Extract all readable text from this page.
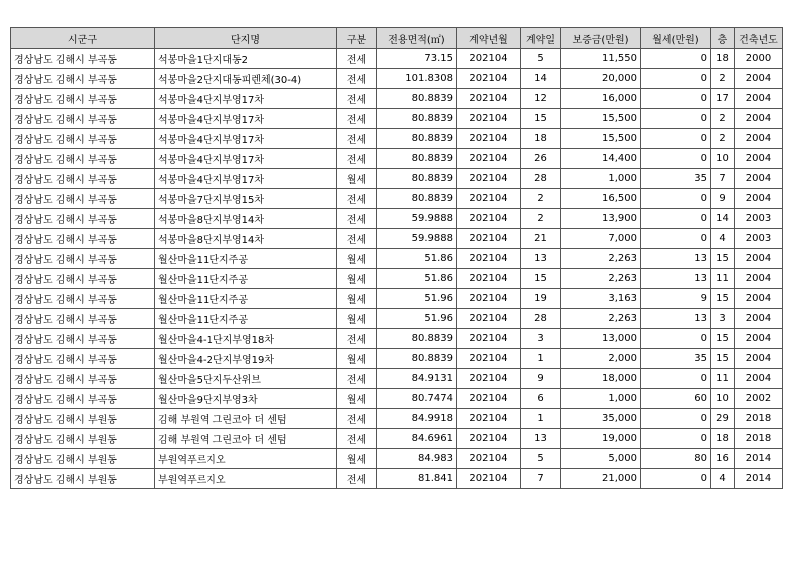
시군구	단지명	구분	전용면적(㎡)	계약년월	계약일	보증금(만원)	월세(만원)	층	건축년도
경상남도 김해시 부곡동	석봉마을1단지대동2	전세	73.15	202104	5	11,550	0	18	2000
경상남도 김해시 부곡동	석봉마을2단지대동피렌체(30-4)	전세	101.8308	202104	14	20,000	0	2	2004
경상남도 김해시 부곡동	석봉마을4단지부영17차	전세	80.8839	202104	12	16,000	0	17	2004
경상남도 김해시 부곡동	석봉마을4단지부영17차	전세	80.8839	202104	15	15,500	0	2	2004
경상남도 김해시 부곡동	석봉마을4단지부영17차	전세	80.8839	202104	18	15,500	0	2	2004
경상남도 김해시 부곡동	석봉마을4단지부영17차	전세	80.8839	202104	26	14,400	0	10	2004
경상남도 김해시 부곡동	석봉마을4단지부영17차	월세	80.8839	202104	28	1,000	35	7	2004
경상남도 김해시 부곡동	석봉마을7단지부영15차	전세	80.8839	202104	2	16,500	0	9	2004
경상남도 김해시 부곡동	석봉마을8단지부영14차	전세	59.9888	202104	2	13,900	0	14	2003
경상남도 김해시 부곡동	석봉마을8단지부영14차	전세	59.9888	202104	21	7,000	0	4	2003
경상남도 김해시 부곡동	월산마을11단지주공	월세	51.86	202104	13	2,263	13	15	2004
경상남도 김해시 부곡동	월산마을11단지주공	월세	51.86	202104	15	2,263	13	11	2004
경상남도 김해시 부곡동	월산마을11단지주공	월세	51.96	202104	19	3,163	9	15	2004
경상남도 김해시 부곡동	월산마을11단지주공	월세	51.96	202104	28	2,263	13	3	2004
경상남도 김해시 부곡동	월산마을4-1단지부영18차	전세	80.8839	202104	3	13,000	0	15	2004
경상남도 김해시 부곡동	월산마을4-2단지부영19차	월세	80.8839	202104	1	2,000	35	15	2004
경상남도 김해시 부곡동	월산마을5단지두산위브	전세	84.9131	202104	9	18,000	0	11	2004
경상남도 김해시 부곡동	월산마을9단지부영3차	월세	80.7474	202104	6	1,000	60	10	2002
경상남도 김해시 부원동	김해 부원역 그린코아 더 센텀	전세	84.9918	202104	1	35,000	0	29	2018
경상남도 김해시 부원동	김해 부원역 그린코아 더 센텀	전세	84.6961	202104	13	19,000	0	18	2018
경상남도 김해시 부원동	부원역푸르지오	월세	84.983	202104	5	5,000	80	16	2014
경상남도 김해시 부원동	부원역푸르지오	전세	81.841	202104	7	21,000	0	4	2014
